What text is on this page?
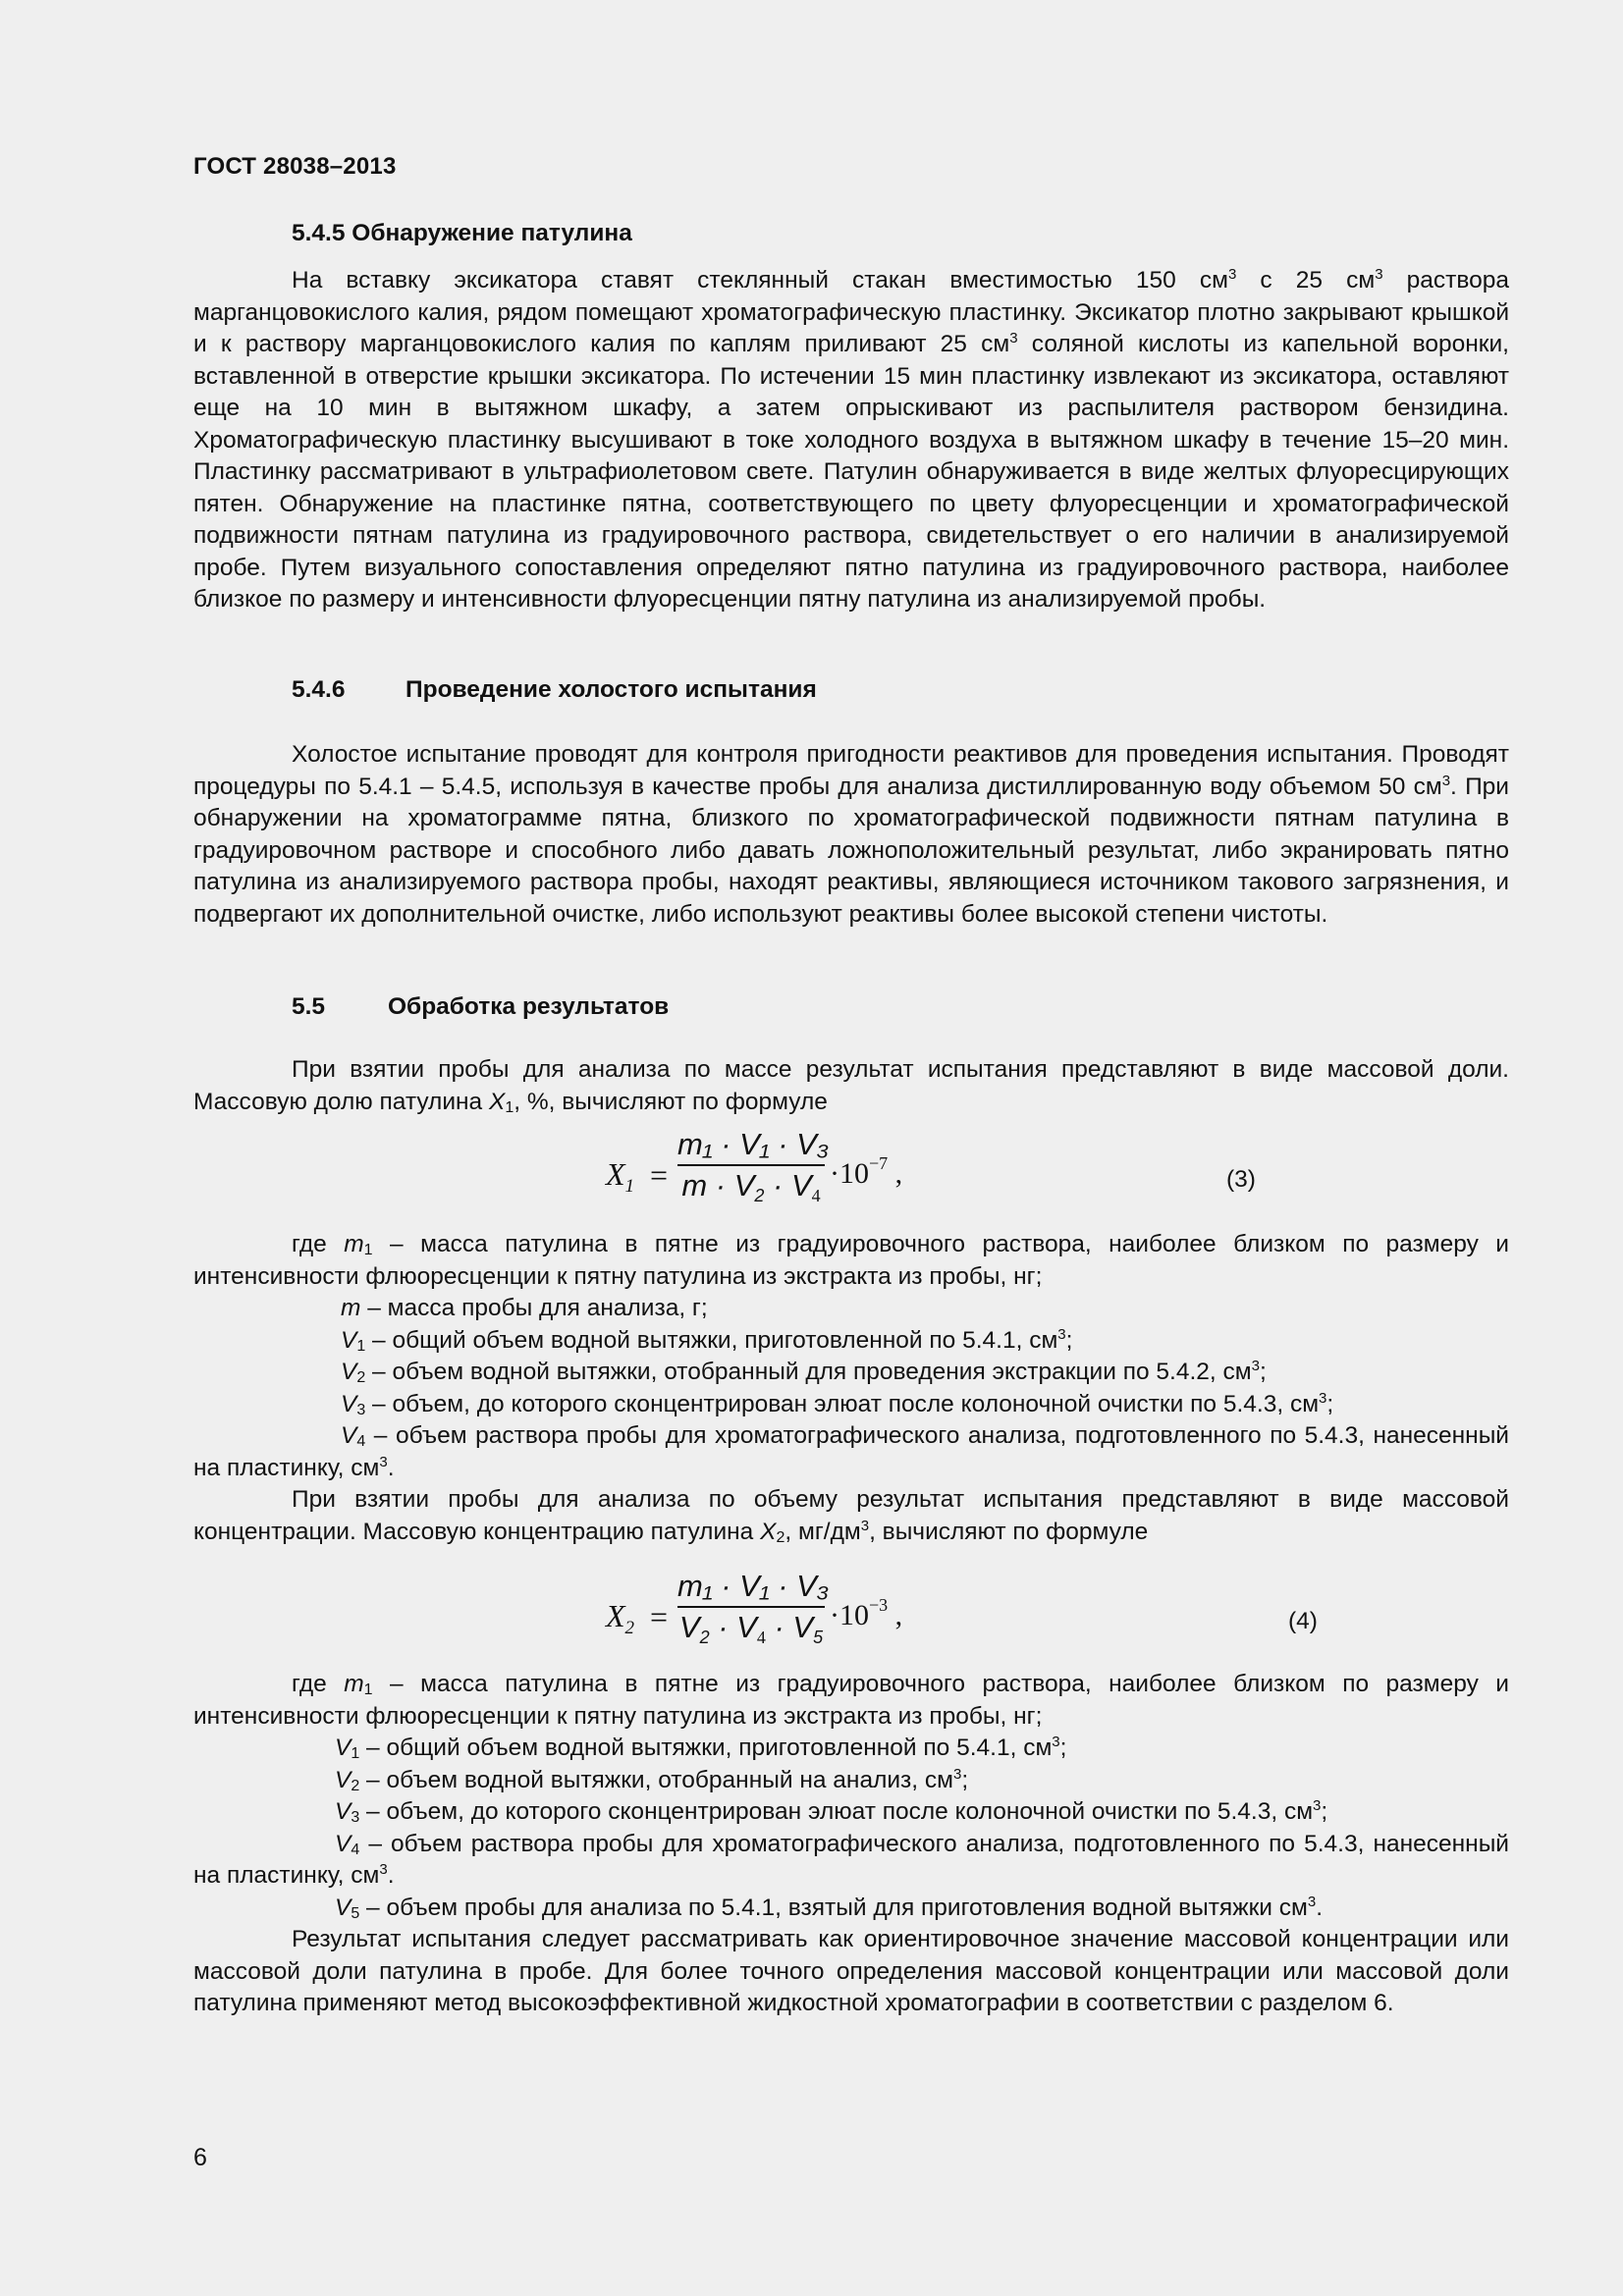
ГОСТ 28038–2013
5.4.5 Обнаружение патулина

На вставку эксикатора ставят стеклянный стакан вместимостью 150 $см^3$ с 25 $см^3$ раствора марганцовокислого калия, рядом помещают хроматографическую пластинку. Эксикатор плотно закрывают крышкой и к раствору марганцовокислого калия по каплям приливают 25 $см^3$ соляной кислоты из капельной воронки, вставленной в отверстие крышки эксикатора. По истечении 15 мин пластинку извлекают из эксикатора, оставляют еще на 10 мин в вытяжном шкафу, а затем опрыскивают из распылителя раствором бензидина. Хроматографическую пластинку высушивают в токе холодного воздуха в вытяжном шкафу в течение 15–20 мин. Пластинку рассматривают в ультрафиолетовом свете. Патулин обнаруживается в виде желтых флуоресцирующих пятен. Обнаружение на пластинке пятна, соответствующего по цвету флуоресценции и хроматографической подвижности пятнам патулина из градуировочного раствора, свидетельствует о его наличии в анализируемой пробе. Путем визуального сопоставления определяют пятно патулина из градуировочного раствора, наиболее близкое по размеру и интенсивности флуоресценции пятну патулина из анализируемой пробы.

5.4.6	Проведение холостого испытания

Холостое испытание проводят для контроля пригодности реактивов для проведения испытания. Проводят процедуры по 5.4.1 – 5.4.5, используя в качестве пробы для анализа дистиллированную воду объемом 50 $см^3$. При обнаружении на хроматограмме пятна, близкого по хроматографической подвижности пятнам патулина в градуировочном растворе и способного либо давать ложноположительный результат, либо экранировать пятно патулина из анализируемого раствора пробы, находят реактивы, являющиеся источником такового загрязнения, и подвергают их дополнительной очистке, либо используют реактивы более высокой степени чистоты.

5.5	Обработка результатов

При взятии пробы для анализа по массе результат испытания представляют в виде массовой доли. Массовую долю патулина $X_1$, %, вычисляют по формуле

$X_1$ =
m₁ · V₁ · V₃
$m \cdot V_2 \cdot V_4$
$\cdot 10^{-7}$ ,	(3)

где $m_1$ – масса патулина в пятне из градуировочного раствора, наиболее близком по размеру и интенсивности флюоресценции к пятну патулина из экстракта из пробы, нг;

m – масса пробы для анализа, г;

$V_1$ – общий объем водной вытяжки, приготовленной по 5.4.1, $см^3$;

$V_2$ – объем водной вытяжки, отобранный для проведения экстракции по 5.4.2, $см^3$;

$V_3$ – объем, до которого сконцентрирован элюат после колоночной очистки по 5.4.3, $см^3$;

$V_4$ – объем раствора пробы для хроматографического анализа, подготовленного по 5.4.3, нанесенный на пластинку, $см^3$.

При взятии пробы для анализа по объему результат испытания представляют в виде массовой концентрации. Массовую концентрацию патулина $X_2$, $мг/дм^3$, вычисляют по формуле

$X_2$ =
m₁ · V₁ · V₃
$V_2 \cdot V_4 \cdot V_5$
$\cdot 10^{-3}$ ,	(4)

где $m_1$ – масса патулина в пятне из градуировочного раствора, наиболее близком по размеру и интенсивности флюоресценции к пятну патулина из экстракта из пробы, нг;

$V_1$ – общий объем водной вытяжки, приготовленной по 5.4.1, $см^3$;

$V_2$ – объем водной вытяжки, отобранный на анализ, $см^3$;

$V_3$ – объем, до которого сконцентрирован элюат после колоночной очистки по 5.4.3, $см^3$;

$V_4$ – объем раствора пробы для хроматографического анализа, подготовленного по 5.4.3, нанесенный на пластинку, $см^3$.

$V_5$ – объем пробы для анализа по 5.4.1, взятый для приготовления водной вытяжки $см^3$.

Результат испытания следует рассматривать как ориентировочное значение массовой концентрации или массовой доли патулина в пробе. Для более точного определения массовой концентрации или массовой доли патулина применяют метод высокоэффективной жидкостной хроматографии в соответствии с разделом 6.

6
